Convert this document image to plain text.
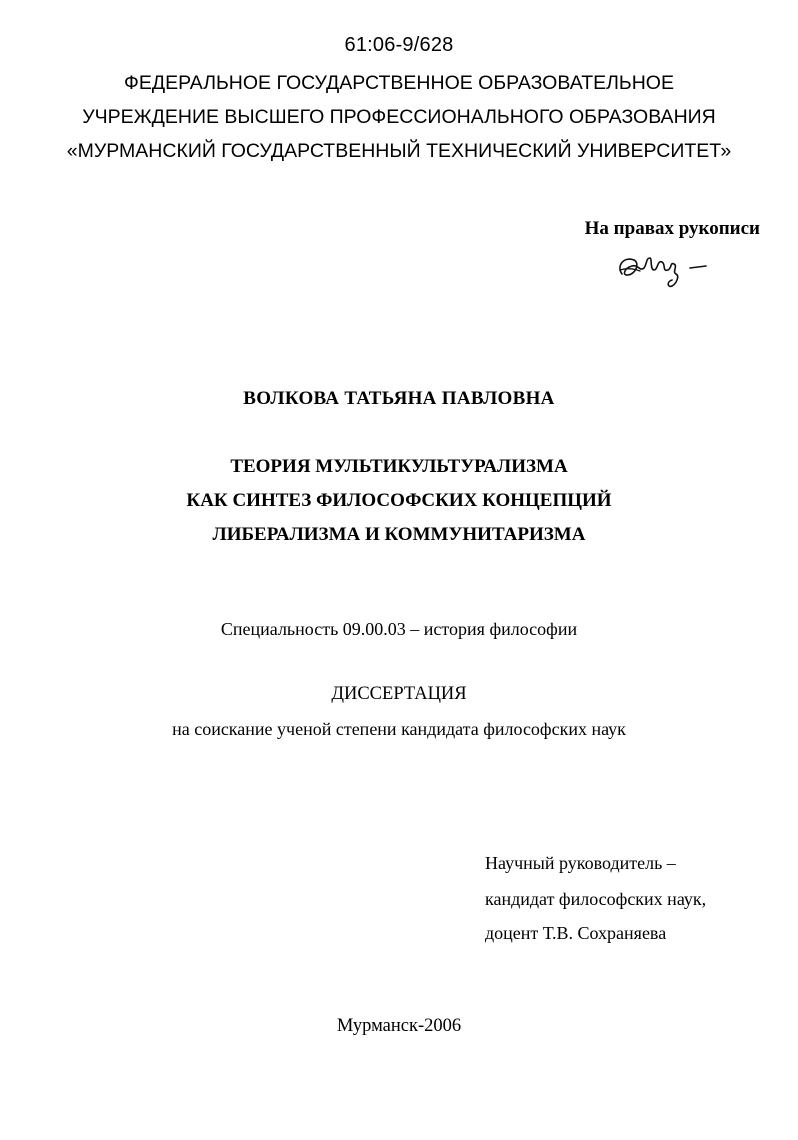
61:06-9/628
ФЕДЕРАЛЬНОЕ ГОСУДАРСТВЕННОЕ ОБРАЗОВАТЕЛЬНОЕ
УЧРЕЖДЕНИЕ ВЫСШЕГО ПРОФЕССИОНАЛЬНОГО ОБРАЗОВАНИЯ
«МУРМАНСКИЙ ГОСУДАРСТВЕННЫЙ ТЕХНИЧЕСКИЙ УНИВЕРСИТЕТ»
На правах рукописи
ВОЛКОВА ТАТЬЯНА ПАВЛОВНА
ТЕОРИЯ МУЛЬТИКУЛЬТУРАЛИЗМА
КАК СИНТЕЗ ФИЛОСОФСКИХ КОНЦЕПЦИЙ
ЛИБЕРАЛИЗМА И КОММУНИТАРИЗМА
Специальность 09.00.03 – история философии
ДИССЕРТАЦИЯ
на соискание ученой степени кандидата философских наук
Научный руководитель –
кандидат философских наук,
доцент Т.В. Сохраняева
Мурманск-2006
